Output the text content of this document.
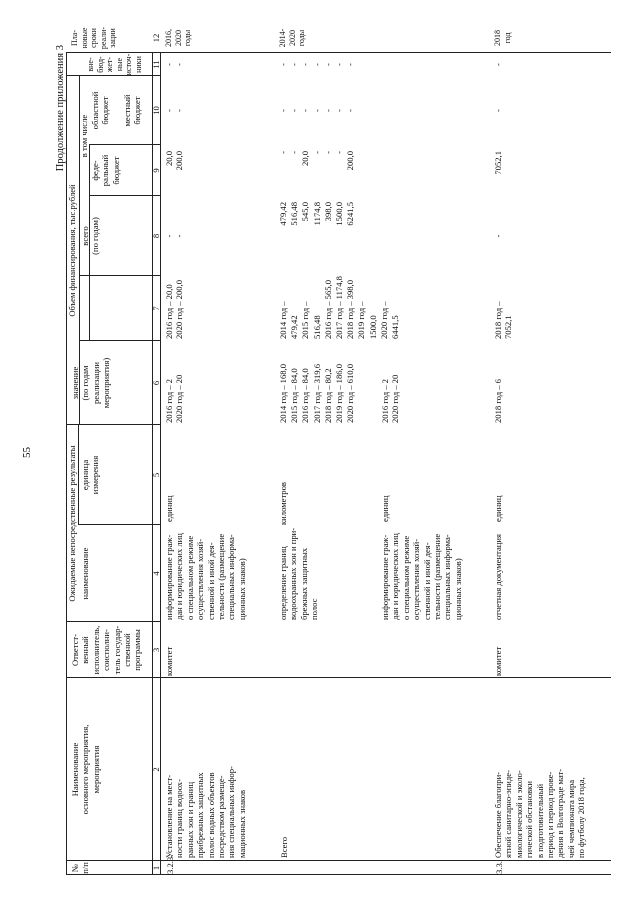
55
Продолжение приложения 3
№
п/п
Наименование
основного мероприятия,
мероприятия
Ответст-
венный
исполнитель,
соисполни-
тель государ-
ственной
программы
Ожидаемые непосредственные результаты наименование
единица
измерения
значение
(по годам
реализации
мероприятия)
Объем финансирования, тыс.рублей всего
(по годам)
в том числе
феде-
ральный
бюджет
областной
бюджет местный
бюджет
вне-
бюд-
жет-
ные
источ-
ники
Пла-
новые
сроки
реали-
зации
1
2
3
4
5
6
7
8
9
10
11
12
3.2.3.
Установление на мест-
ности границ водоох-
ранных зон и границ
прибрежных защитных
полос водных объектов
посредством размеще-
ния специальных инфор-
мационных знаков
комитет
информирование граж-
дан и юридических лиц
о специальном режиме
осуществления хозяй-
ственной и иной дея-
тельности (размещение
специальных информа-
ционных знаков)
единиц
2016 год – 2
2020 год – 20
2016 год – 20,0
2020 год – 200,0
-
-
20,0
200,0
-
-
-
-
2016,
2020
годы
Всего
определение границ
водоохранных зон и при-
брежных защитных
полос
километров
2014 год – 168,0
2015 год – 84,0
2016 год – 84,0
2017 год – 319,6
2018 год – 80,2
2019 год – 186,0
2020 год – 610,0
2014 год – 479,42
2015 год – 516,48
2016 год – 565,0
2017 год – 1174,8
2018 год – 398,0
2019 год – 1500,0
2020 год – 6441,5
479,42
516,48
545,0
1174,8
398,0
1500,0
6241,5
-
-
20,0
-
-
-
200,0
-
-
-
-
-
-
-
-
-
-
-
-
-
-
2014-
2020
годы
информирование граж-
дан и юридических лиц
о специальном режиме
осуществления хозяй-
ственной и иной дея-
тельности (размещение
специальных информа-
ционных знаков)
единиц
2016 год – 2
2020 год – 20
3.3.
Обеспечение благопри-
ятной санитарно-эпиде-
миологической и эколо-
гической обстановки
в подготовительный
период и период прове-
дения в Волгограде мат-
чей чемпионата мира
по футболу 2018 года,
комитет
отчетная документация
единиц
2018 год – 6
2018 год – 7052,1
-
7052,1
-
-
2018
год
